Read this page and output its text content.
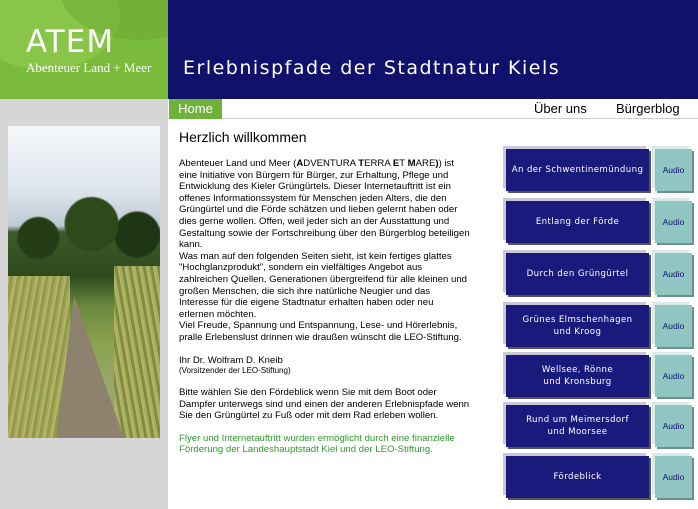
ATEM
Abenteuer Land + Meer Erlebnispfade der Stadtnatur Kiels
Home	Über uns Bürgerblog
Herzlich willkommen

Abenteuer Land und Meer (ADVENTURA TERRA ET MARE)) ist eine Initiative von Bürgern für Bürger, zur Erhaltung, Pflege und Entwicklung des Kieler Grüngürtels. Dieser Internetauftritt ist ein offenes Informationssystem für Menschen jeden Alters, die den Grüngürtel und die Förde schätzen und lieben gelernt haben oder dies gerne wollen. Offen, weil jeder sich an der Ausstattung und Gestaltung sowie der Fortschreibung über den Bürgerblog beteiligen kann.

Was man auf den folgenden Seiten sieht, ist kein fertiges glattes "Hochglanzprodukt", sondern ein vielfältiges Angebot aus zahlreichen Quellen, Generationen übergreifend für alle kleinen und großen Menschen, die sich ihre natürliche Neugier und das Interesse für die eigene Stadtnatur erhalten haben oder neu erlernen möchten.

Viel Freude, Spannung und Entspannung, Lese- und Hörerlebnis, pralle Erlebenslust drinnen wie draußen wünscht die LEO-Stiftung.

Ihr Dr. Wolfram D. Kneib

(Vorsitzender der LEO-Stiftung)

Bitte wählen Sie den Fördeblick wenn Sie mit dem Boot oder Dampfer unterwegs sind und einen der anderen Erlebnispfade wenn Sie den Grüngürtel zu Fuß oder mit dem Rad erleben wollen.

Flyer und Internetauftritt wurden ermöglicht durch eine finanzielle Förderung der Landeshauptstadt Kiel und der LEO-Stiftung.

An der Schwentinemündung	Audio
Entlang der Förde	Audio
Durch den Grüngürtel	Audio
Grünes Elmschenhagen
und Kroog
Audio
Wellsee, Rönne
und Kronsburg
Audio
Rund um Meimersdorf
und Moorsee
Audio
Fördeblick	Audio
